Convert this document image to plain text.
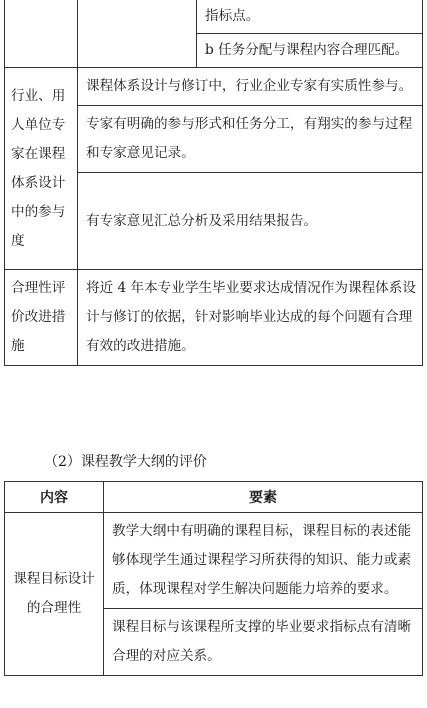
		指标点。
		b 任务分配与课程内容合理匹配。
行业、用人单位专家在课程体系设计中的参与度	课程体系设计与修订中，行业企业专家有实质性参与。	
	专家有明确的参与形式和任务分工，有翔实的参与过程和专家意见记录。	
	有专家意见汇总分析及采用结果报告。	
合理性评价改进措施	将近 4 年本专业学生毕业要求达成情况作为课程体系设计与修订的依据，针对影响毕业达成的每个问题有合理有效的改进措施。	
（2）课程教学大纲的评价
内容	要素
课程目标设计的合理性	教学大纲中有明确的课程目标，课程目标的表述能够体现学生通过课程学习所获得的知识、能力或素质，体现课程对学生解决问题能力培养的要求。
	课程目标与该课程所支撑的毕业要求指标点有清晰合理的对应关系。
